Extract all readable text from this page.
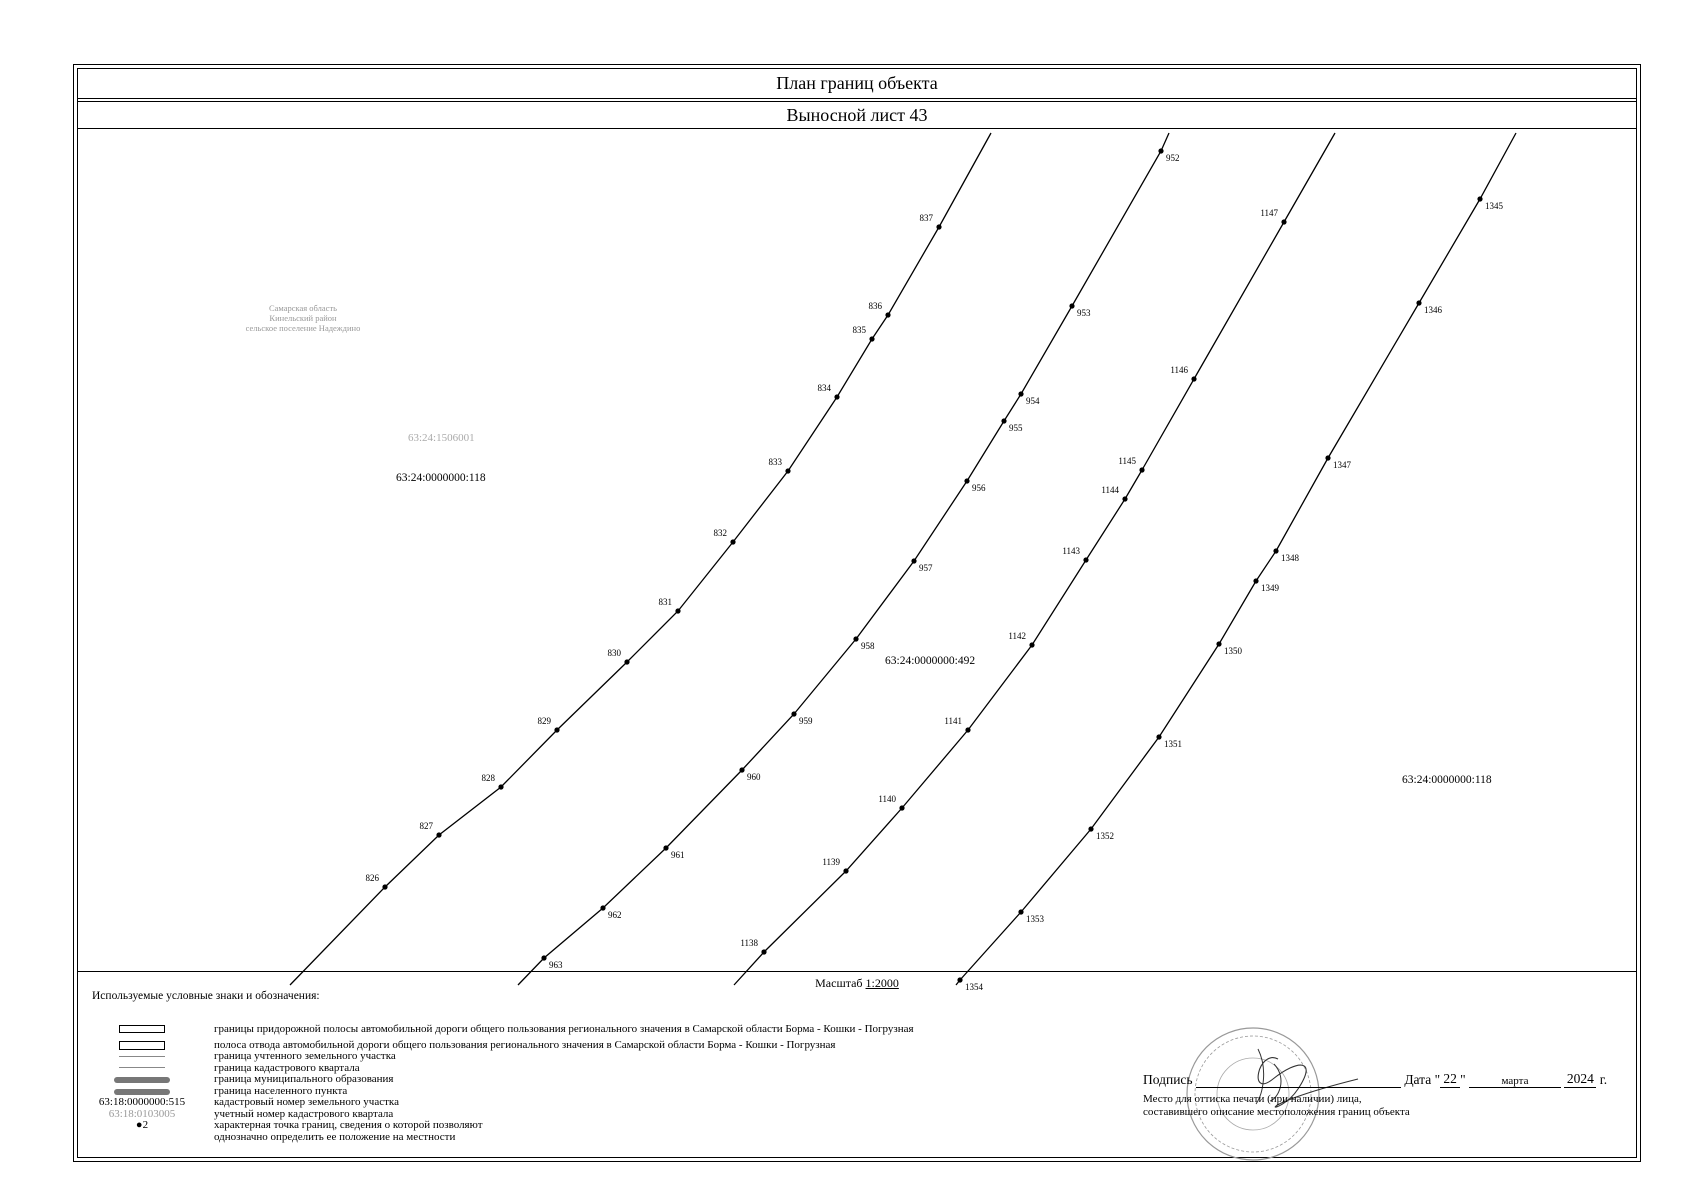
План границ объекта
Выносной лист 43
Самарская область
Кинельский район
сельское поселение Надеждино
63:24:1506001
826
827
828
829
830
831
832
833
834
835
836
837
963
962
961
960
959
958
957
956
955
954
953
952
1138
1139
1140
1141
1142
1143
1144
1145
1146
1147
1354
1353
1352
1351
1350
1349
1348
1347
1346
1345
63:24:0000000:118
63:24:0000000:492
63:24:0000000:118
Масштаб 1:2000
Используемые условные знаки и обозначения:
границы придорожной полосы автомобильной дороги общего пользования регионального значения в Самарской области Борма - Кошки - Погрузная
полоса отвода автомобильной дороги общего пользования регионального значения в Самарской области Борма - Кошки - Погрузная
граница учтенного земельного участка
граница кадастрового квартала
граница муниципального образования
граница населенного пункта
63:18:0000000:515	кадастровый номер земельного участка
63:18:0103005	учетный номер кадастрового квартала
●2	характерная точка границ, сведения о которой позволяют
однозначно определить ее положение на местности
Подпись	Дата " 22 "	марта	2024 г.
Место для оттиска печати (при наличии) лица,
составившего описание местоположения границ объекта
